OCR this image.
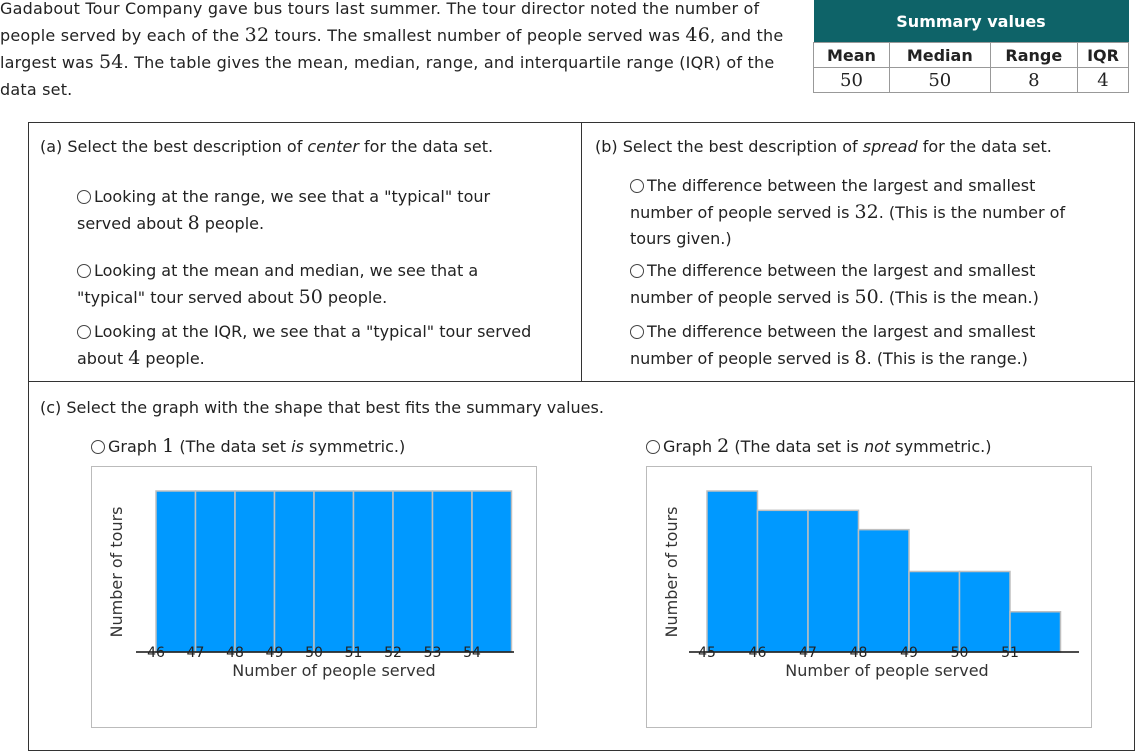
Gadabout Tour Company gave bus tours last summer. The tour director noted the number of people served by each of the 32 tours. The smallest number of people served was 46, and the largest was 54. The table gives the mean, median, range, and interquartile range (IQR) of the data set.
Summary values			
Mean	Median	Range	IQR
50	50	8	4
(a) Select the best description of center for the data set.
Looking at the range, we see that a "typical" tour served about 8 people.
Looking at the mean and median, we see that a "typical" tour served about 50 people.
Looking at the IQR, we see that a "typical" tour served about 4 people.
(b) Select the best description of spread for the data set.
The difference between the largest and smallest number of people served is 32. (This is the number of tours given.)
The difference between the largest and smallest number of people served is 50. (This is the mean.)
The difference between the largest and smallest number of people served is 8. (This is the range.)
(c) Select the graph with the shape that best fits the summary values.
Graph 1 (The data set is symmetric.)	Graph 2 (The data set is not symmetric.)
46 47 48 49 50 51 52 53 54
Number of people served
Number of tours
45 46 47 48 49 50 51
Number of people served
Number of tours
